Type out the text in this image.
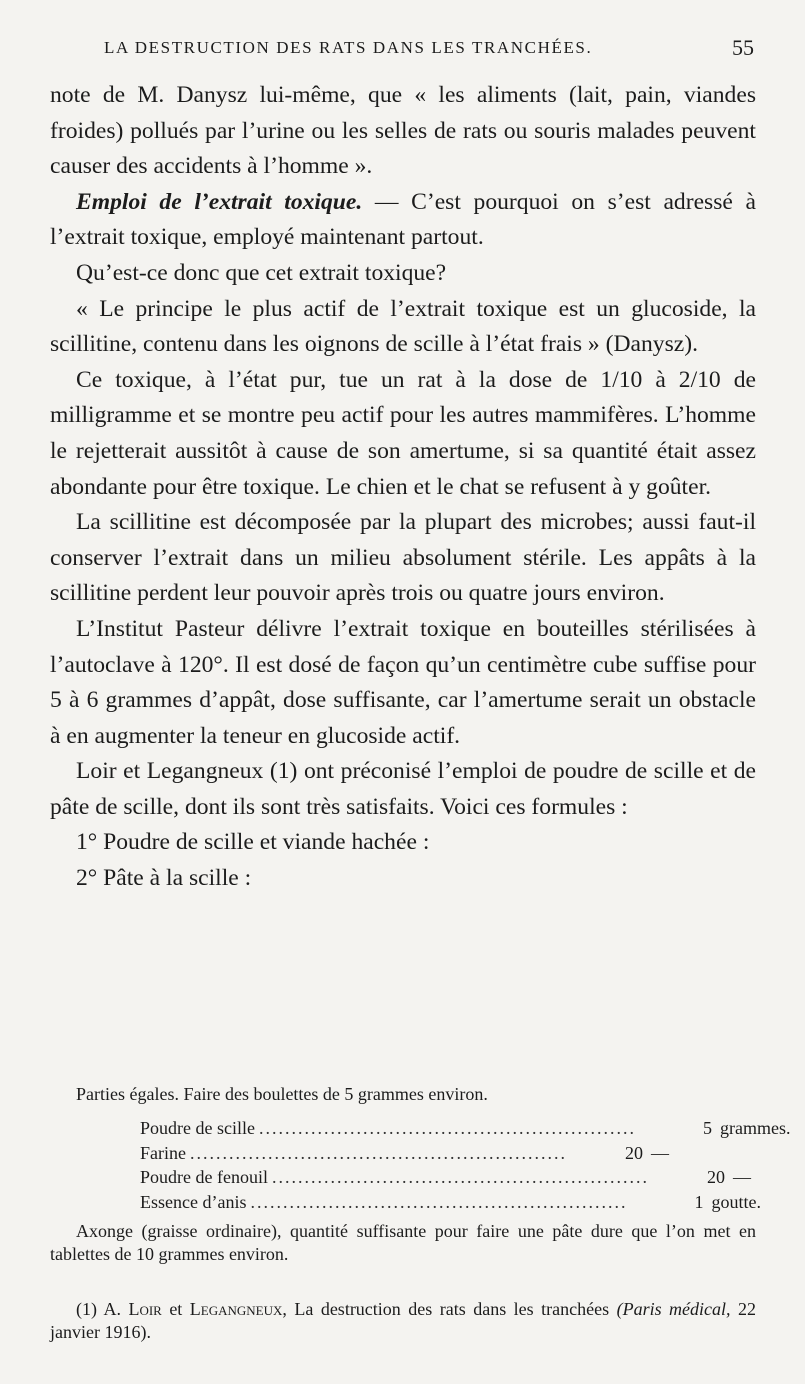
LA DESTRUCTION DES RATS DANS LES TRANCHÉES.	55

note de M. Danysz lui-même, que « les aliments (lait, pain, viandes froides) pollués par l’urine ou les selles de rats ou souris malades peuvent causer des accidents à l’homme ».

Emploi de l’extrait toxique. — C’est pourquoi on s’est adressé à l’extrait toxique, employé maintenant partout.

Qu’est-ce donc que cet extrait toxique?

« Le principe le plus actif de l’extrait toxique est un glucoside, la scillitine, contenu dans les oignons de scille à l’état frais » (Danysz).

Ce toxique, à l’état pur, tue un rat à la dose de 1/10 à 2/10 de milligramme et se montre peu actif pour les autres mammifères. L’homme le rejetterait aussitôt à cause de son amertume, si sa quantité était assez abondante pour être toxique. Le chien et le chat se refusent à y goûter.

La scillitine est décomposée par la plupart des microbes; aussi faut-il conserver l’extrait dans un milieu absolument stérile. Les appâts à la scillitine perdent leur pouvoir après trois ou quatre jours environ.

L’Institut Pasteur délivre l’extrait toxique en bouteilles stérilisées à l’autoclave à 120°. Il est dosé de façon qu’un centimètre cube suffise pour 5 à 6 grammes d’appât, dose suffisante, car l’amertume serait un obstacle à en augmenter la teneur en glucoside actif.

Loir et Legangneux (1) ont préconisé l’emploi de poudre de scille et de pâte de scille, dont ils sont très satisfaits. Voici ces formules :

1° Poudre de scille et viande hachée :

2° Pâte à la scille :

Parties égales. Faire des boulettes de 5 grammes environ.

Poudre de scille ..........................................................	5 grammes.
Farine ..........................................................	20 —
Poudre de fenouil ..........................................................	20 —
Essence d’anis ..........................................................	1 goutte.

Axonge (graisse ordinaire), quantité suffisante pour faire une pâte dure que l’on met en tablettes de 10 grammes environ.

(1) A. Loir et Legangneux, La destruction des rats dans les tranchées (Paris médical, 22 janvier 1916).
